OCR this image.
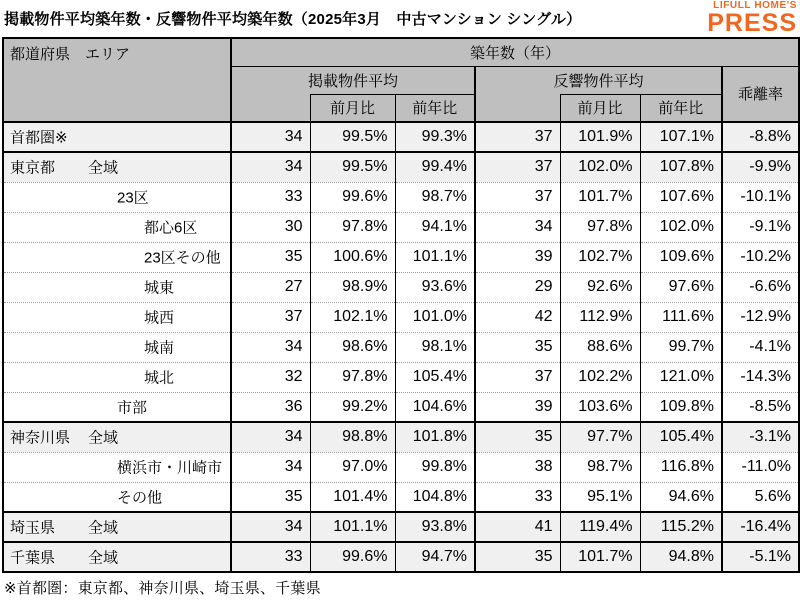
掲載物件平均築年数・反響物件平均築年数（2025年3月　中古マンション シングル）
LIFULL HOME'S
PRESS
都道府県　エリア	築年数（年）						
	掲載物件平均			反響物件平均			乖離率
		前月比	前年比		前月比	前年比	

首都圏※	34	99.5%	99.3%	37	101.9%	107.1%	-8.8%

東京都 全域	34	99.5%	99.4%	37	102.0%	107.8%	-9.9%

23区	33	99.6%	98.7%	37	101.7%	107.6%	-10.1%

都心6区	30	97.8%	94.1%	34	97.8%	102.0%	-9.1%

23区その他	35	100.6%	101.1%	39	102.7%	109.6%	-10.2%

城東	27	98.9%	93.6%	29	92.6%	97.6%	-6.6%

城西	37	102.1%	101.0%	42	112.9%	111.6%	-12.9%

城南	34	98.6%	98.1%	35	88.6%	99.7%	-4.1%

城北	32	97.8%	105.4%	37	102.2%	121.0%	-14.3%

市部	36	99.2%	104.6%	39	103.6%	109.8%	-8.5%

神奈川県 全域	34	98.8%	101.8%	35	97.7%	105.4%	-3.1%

横浜市・川崎市	34	97.0%	99.8%	38	98.7%	116.8%	-11.0%

その他	35	101.4%	104.8%	33	95.1%	94.6%	5.6%

埼玉県 全域	34	101.1%	93.8%	41	119.4%	115.2%	-16.4%

千葉県 全域	33	99.6%	94.7%	35	101.7%	94.8%	-5.1%
※首都圏：東京都、神奈川県、埼玉県、千葉県
